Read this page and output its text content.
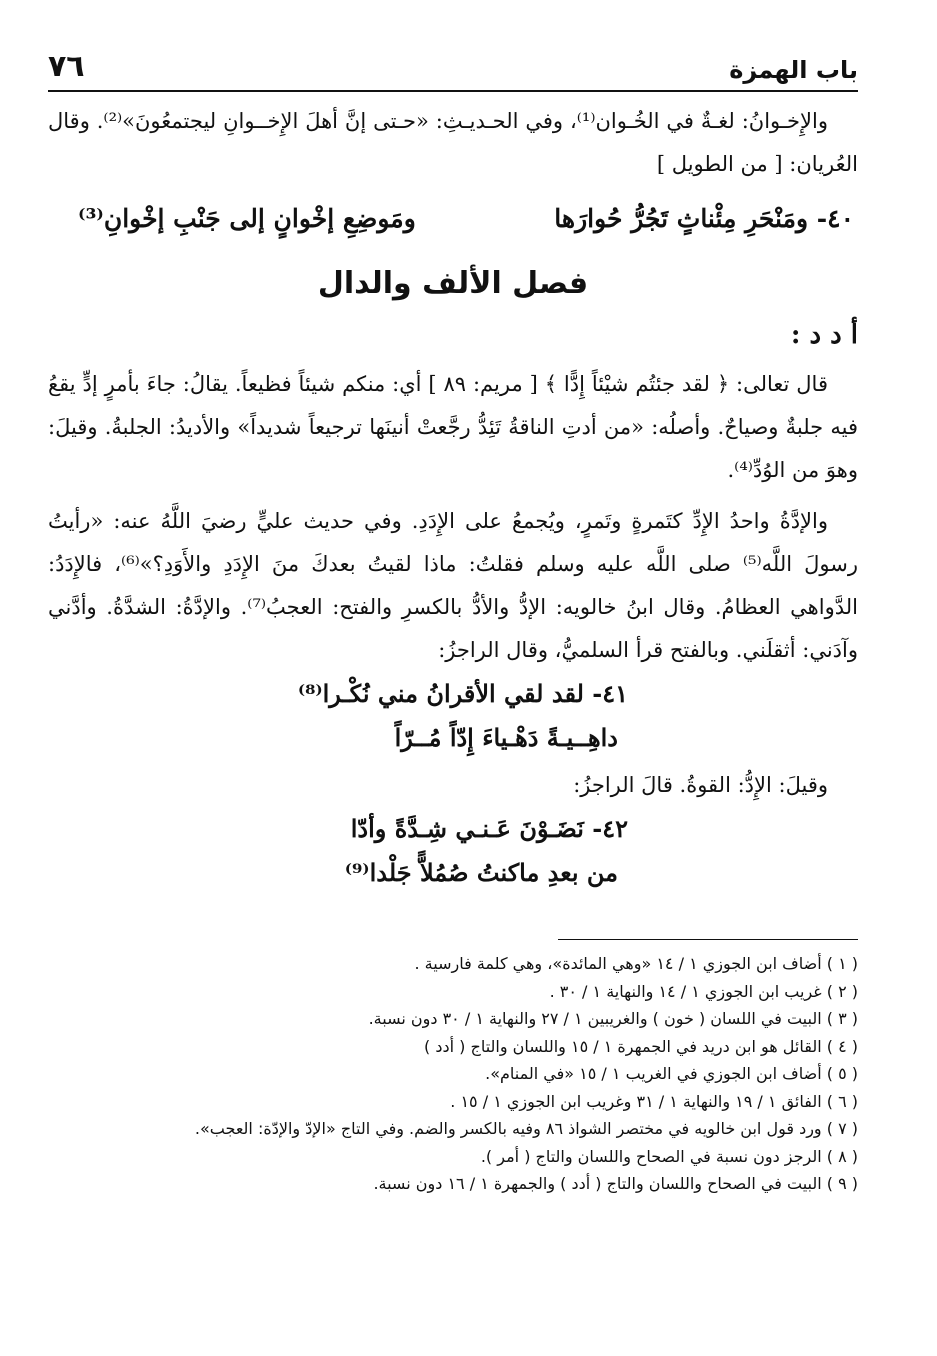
باب الهمزة
٧٦

والإِخـوانُ: لغـةٌ في الخُـوان⁽¹⁾، وفي الحـديـثِ: «حـتى إنَّ أهلَ الإِخــوانِ ليجتمعُونَ»⁽²⁾. وقال العُريان: [ من الطويل ]

٤٠- ومَنْحَرِ مِئْناثٍ تَجُرُّ حُوارَها
ومَوضِعِ إخْوانٍ إلى جَنْبِ إخْوانِ⁽³⁾
فصل الألف والدال
أ د د :

قال تعالى: ﴿ لقد جئتُم شيْئاً إِدًّا ﴾ [ مريم: ٨٩ ] أي: منكم شيئاً فظيعاً. يقالُ: جاءَ بأمرٍ إدٍّ يقعُ فيه جلبةٌ وصياحٌ. وأصلُه: «من أدتِ الناقةُ تَئِدُّ رجَّعتْ أنينَها ترجيعاً شديداً» والأديدُ: الجلبةُ. وقيلَ: وهوَ من الوُدِّ⁽⁴⁾.

والإدَّةُ واحدُ الإِدِّ كتَمرةٍ وتَمرٍ، ويُجمعُ على الإِدَدِ. وفي حديث عليٍّ رضيَ اللَّهُ عنه: «رأيتُ رسولَ اللَّه⁽⁵⁾ صلى اللَّه عليه وسلم فقلتُ: ماذا لقيتُ بعدكَ منَ الإِدَدِ والأَوَدِ؟»⁽⁶⁾، فالإِدَدُ: الدَّواهي العظامُ. وقال ابنُ خالويه: الإدُّ والأدُّ بالكسرِ والفتح: العجبُ⁽⁷⁾. والإدَّةُ: الشدَّةُ. وأدَّني وآدَني: أثقلَني. وبالفتح قرأ السلميُّ، وقال الراجزُ:

٤١- لقد لقي الأقرانُ مني نُكْـرا⁽⁸⁾
داهِــيـةً دَهْـياءَ إِدّاً مُــرّاً

وقيلَ: الإِدُّ: القوةُ. قالَ الراجزُ:

٤٢- نَضَـوْنَ عَـنـي شِـدَّةً وأدّا
من بعدِ ماكنتُ صُمُلاًّ جَلْدا⁽⁹⁾
( ١ ) أضاف ابن الجوزي ١ / ١٤ «وهي المائدة»، وهي كلمة فارسية .
( ٢ ) غريب ابن الجوزي ١ / ١٤ والنهاية ١ / ٣٠ .
( ٣ ) البيت في اللسان ( خون ) والغريبين ١ / ٢٧ والنهاية ١ / ٣٠ دون نسبة.
( ٤ ) القائل هو ابن دريد في الجمهرة ١ / ١٥ واللسان والتاج ( أدد )
( ٥ ) أضاف ابن الجوزي في الغريب ١ / ١٥ «في المنام».
( ٦ ) الفائق ١ / ١٩ والنهاية ١ / ٣١ وغريب ابن الجوزي ١ / ١٥ .
( ٧ ) ورد قول ابن خالويه في مختصر الشواذ ٨٦ وفيه بالكسر والضم. وفي التاج «الإدّ والإدّة: العجب».
( ٨ ) الرجز دون نسبة في الصحاح واللسان والتاج ( أمر ).
( ٩ ) البيت في الصحاح واللسان والتاج ( أدد ) والجمهرة ١ / ١٦ دون نسبة.
